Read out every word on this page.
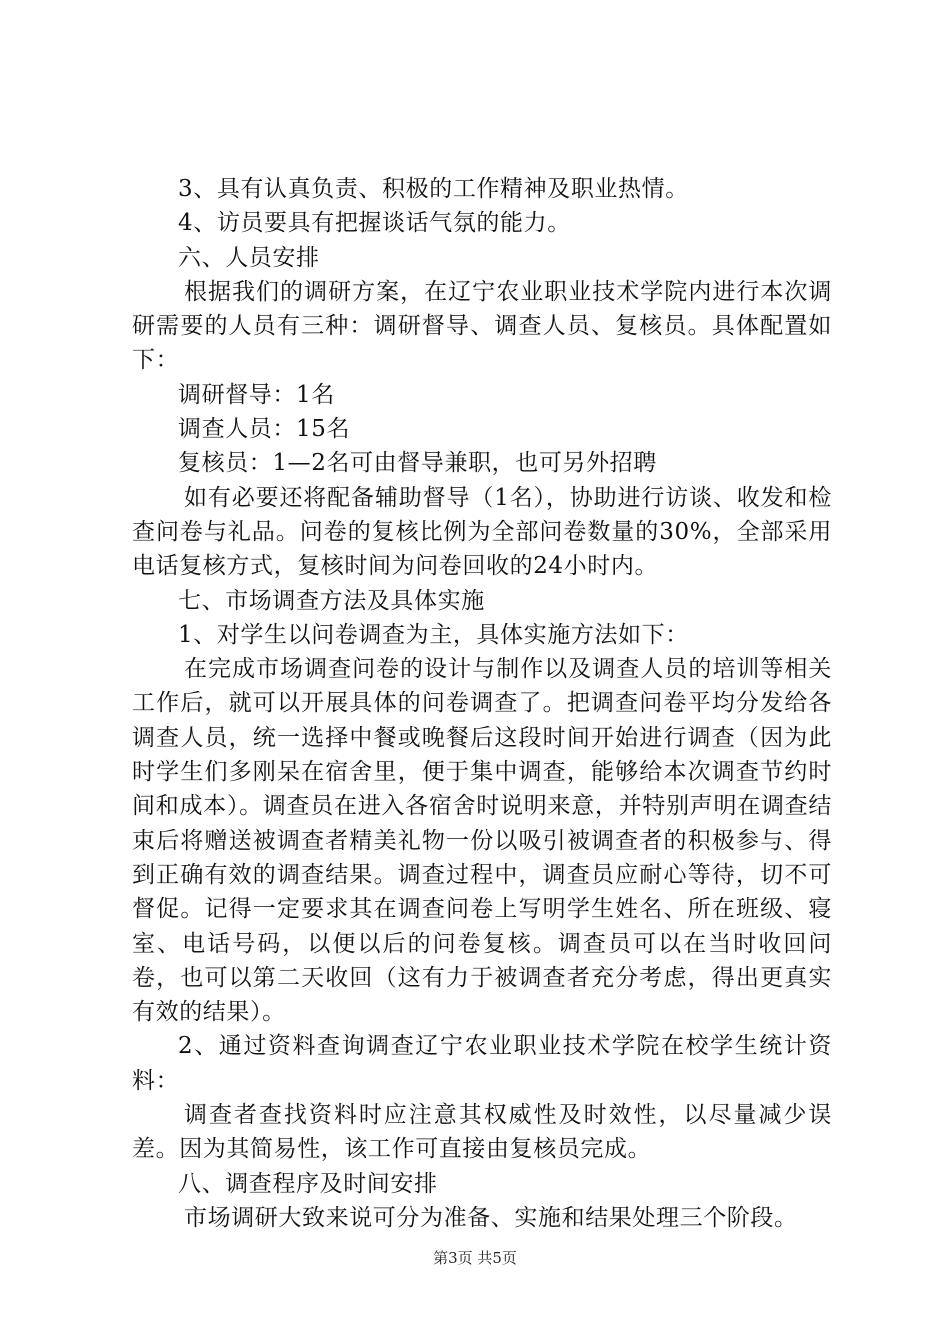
3、具有认真负责、积极的工作精神及职业热情。

4、访员要具有把握谈话气氛的能力。

六、人员安排

根据我们的调研方案，在辽宁农业职业技术学院内进行本次调研需要的人员有三种：调研督导、调查人员、复核员。具体配置如下：

调研督导：1名

调查人员：15名

复核员：1—2名可由督导兼职，也可另外招聘

如有必要还将配备辅助督导（1名），协助进行访谈、收发和检查问卷与礼品。问卷的复核比例为全部问卷数量的30%，全部采用电话复核方式，复核时间为问卷回收的24小时内。

七、市场调查方法及具体实施

1、对学生以问卷调查为主，具体实施方法如下：

在完成市场调查问卷的设计与制作以及调查人员的培训等相关工作后，就可以开展具体的问卷调查了。把调查问卷平均分发给各调查人员，统一选择中餐或晚餐后这段时间开始进行调查（因为此时学生们多刚呆在宿舍里，便于集中调查，能够给本次调查节约时间和成本）。调查员在进入各宿舍时说明来意，并特别声明在调查结束后将赠送被调查者精美礼物一份以吸引被调查者的积极参与、得到正确有效的调查结果。调查过程中，调查员应耐心等待，切不可督促。记得一定要求其在调查问卷上写明学生姓名、所在班级、寝室、电话号码，以便以后的问卷复核。调查员可以在当时收回问卷，也可以第二天收回（这有力于被调查者充分考虑，得出更真实有效的结果）。

2、通过资料查询调查辽宁农业职业技术学院在校学生统计资料：

调查者查找资料时应注意其权威性及时效性，以尽量减少误差。因为其简易性，该工作可直接由复核员完成。

八、调查程序及时间安排

市场调研大致来说可分为准备、实施和结果处理三个阶段。

第3页 共5页
